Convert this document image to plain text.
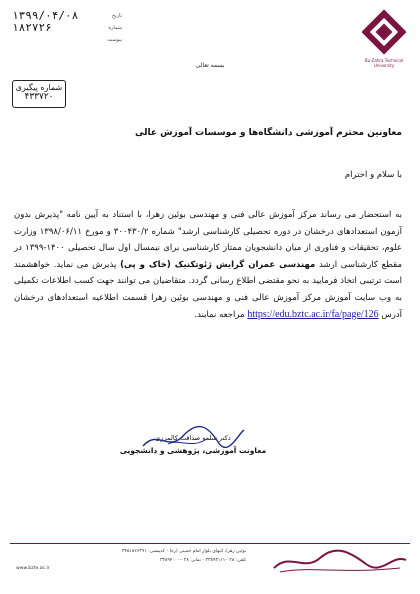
۱۳۹۹/۰۴/۰۸	تاریخ
۱۸۲۷۲۶	شماره
پیوست
شماره پیگیری
۴۳۳۷۲۰
Bu-Zahra Technical University
بسمه تعالی
معاونین محترم آموزشی دانشگاه‌ها و موسسات آموزش عالی
با سلام و احترام
به استحضار می رساند مرکز آموزش عالی فنی و مهندسی بوئین زهرا، با استناد به آیین نامه "پذیرش بدون آزمون استعدادهای درخشان در دوره تحصیلی کارشناسی ارشد" شماره ۳۰۰۴۳۰/۲ و مورخ ۱۳۹۸/۰۶/۱۱ وزارت علوم، تحقیقات و فناوری از میان دانشجویان ممتاز کارشناسی برای نیمسال اول سال تحصیلی ۱۴۰۰-۱۳۹۹ در مقطع کارشناسی ارشد مهندسی عمران گرایش ژئوتکنیک (خاک و پی) پذیرش می نماید. خواهشمند است ترتیبی اتخاذ فرمایید به نحو مقتضی اطلاع رسانی گردد. متقاضیان می توانند جهت کسب اطلاعات تکمیلی به وب سایت آموزش مرکز آموزش عالی فنی و مهندسی بوئین زهرا قسمت اطلاعیه استعدادهای درخشان آدرس https://edu.bztc.ac.ir/fa/page/126 مراجعه نمایند.
دکتر سلمه صداقت کالمرزی
معاونت آموزشی، پژوهشی و دانشجویی
بوئین زهرا، انتهای بلوار امام خمینی (ره) - کدپستی: ۳۴۵۱۸۶۶۳۹۱
تلفن: ۰۲۸-۳۳۸۹۳۱۱۱ - نمابر: ۰۲۸-۳۳۸۹۴۰۰۰
www.bzte.ac.ir
